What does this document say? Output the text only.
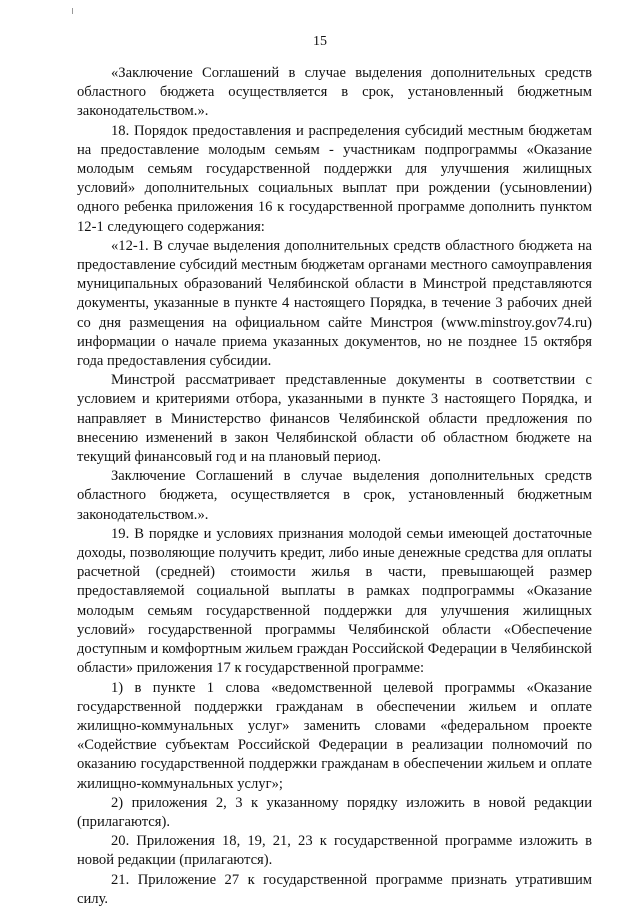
15

«Заключение Соглашений в случае выделения дополнительных средств областного бюджета осуществляется в срок, установленный бюджетным законодательством.».

18. Порядок предоставления и распределения субсидий местным бюджетам на предоставление молодым семьям - участникам подпрограммы «Оказание молодым семьям государственной поддержки для улучшения жилищных условий» дополнительных социальных выплат при рождении (усыновлении) одного ребенка приложения 16 к государственной программе дополнить пунктом 12-1 следующего содержания:

«12-1. В случае выделения дополнительных средств областного бюджета на предоставление субсидий местным бюджетам органами местного самоуправления муниципальных образований Челябинской области в Минстрой представляются документы, указанные в пункте 4 настоящего Порядка, в течение 3 рабочих дней со дня размещения на официальном сайте Минстроя (www.minstroy.gov74.ru) информации о начале приема указанных документов, но не позднее 15 октября года предоставления субсидии.

Минстрой рассматривает представленные документы в соответствии с условием и критериями отбора, указанными в пункте 3 настоящего Порядка, и направляет в Министерство финансов Челябинской области предложения по внесению изменений в закон Челябинской области об областном бюджете на текущий финансовый год и на плановый период.

Заключение Соглашений в случае выделения дополнительных средств областного бюджета, осуществляется в срок, установленный бюджетным законодательством.».

19. В порядке и условиях признания молодой семьи имеющей достаточные доходы, позволяющие получить кредит, либо иные денежные средства для оплаты расчетной (средней) стоимости жилья в части, превышающей размер предоставляемой социальной выплаты в рамках подпрограммы «Оказание молодым семьям государственной поддержки для улучшения жилищных условий» государственной программы Челябинской области «Обеспечение доступным и комфортным жильем граждан Российской Федерации в Челябинской области» приложения 17 к государственной программе:

1) в пункте 1 слова «ведомственной целевой программы «Оказание государственной поддержки гражданам в обеспечении жильем и оплате жилищно-коммунальных услуг» заменить словами «федеральном проекте «Содействие субъектам Российской Федерации в реализации полномочий по оказанию государственной поддержки гражданам в обеспечении жильем и оплате жилищно-коммунальных услуг»;

2) приложения 2, 3 к указанному порядку изложить в новой редакции (прилагаются).

20. Приложения 18, 19, 21, 23 к государственной программе изложить в новой редакции (прилагаются).

21. Приложение 27 к государственной программе признать утратившим силу.
